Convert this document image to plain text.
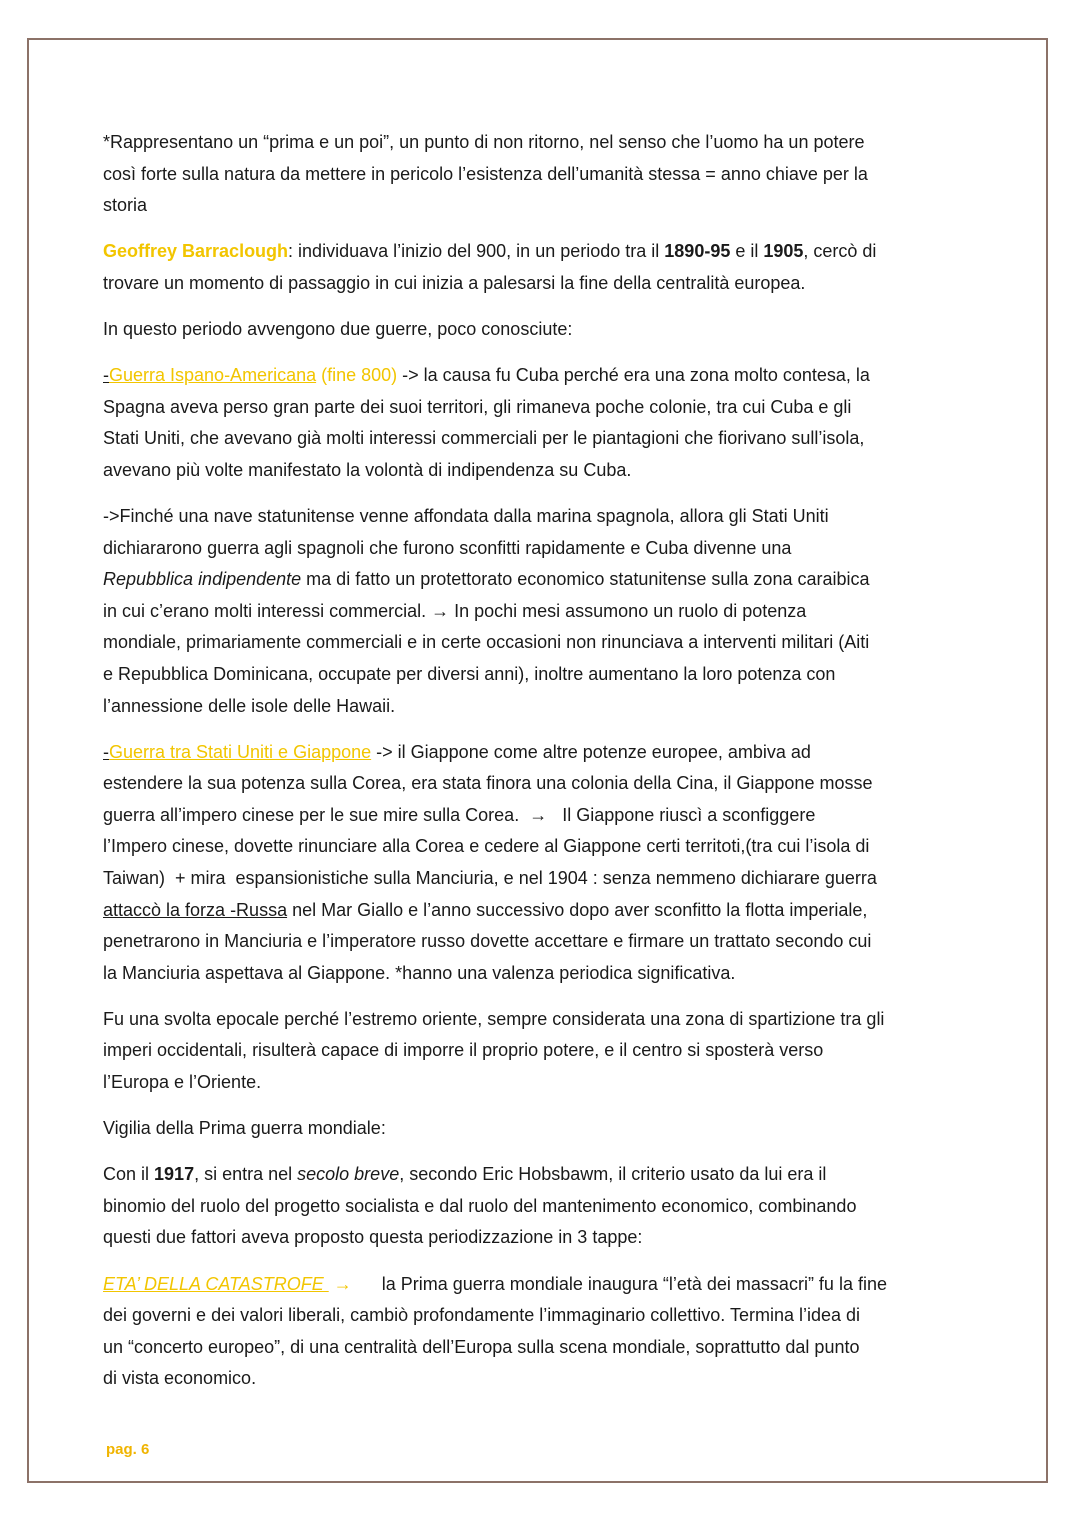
*Rappresentano un “prima e un poi”, un punto di non ritorno, nel senso che l’uomo ha un potere
così forte sulla natura da mettere in pericolo l’esistenza dell’umanità stessa = anno chiave per la
storia
Geoffrey Barraclough: individuava l’inizio del 900, in un periodo tra il 1890-95 e il 1905, cercò di
trovare un momento di passaggio in cui inizia a palesarsi la fine della centralità europea.
In questo periodo avvengono due guerre, poco conosciute:
-Guerra Ispano-Americana (fine 800) -> la causa fu Cuba perché era una zona molto contesa, la
Spagna aveva perso gran parte dei suoi territori, gli rimaneva poche colonie, tra cui Cuba e gli
Stati Uniti, che avevano già molti interessi commerciali per le piantagioni che fiorivano sull’isola,
avevano più volte manifestato la volontà di indipendenza su Cuba.
->Finché una nave statunitense venne affondata dalla marina spagnola, allora gli Stati Uniti
dichiararono guerra agli spagnoli che furono sconfitti rapidamente e Cuba divenne una
Repubblica indipendente ma di fatto un protettorato economico statunitense sulla zona caraibica
in cui c’erano molti interessi commercial. → In pochi mesi assumono un ruolo di potenza
mondiale, primariamente commerciali e in certe occasioni non rinunciava a interventi militari (Aiti
e Repubblica Dominicana, occupate per diversi anni), inoltre aumentano la loro potenza con
l’annessione delle isole delle Hawaii.
-Guerra tra Stati Uniti e Giappone -> il Giappone come altre potenze europee, ambiva ad
estendere la sua potenza sulla Corea, era stata finora una colonia della Cina, il Giappone mosse
guerra all’impero cinese per le sue mire sulla Corea.  →   Il Giappone riuscì a sconfiggere
l’Impero cinese, dovette rinunciare alla Corea e cedere al Giappone certi territoti,(tra cui l’isola di
Taiwan)  + mira  espansionistiche sulla Manciuria, e nel 1904 : senza nemmeno dichiarare guerra
attaccò la forza -Russa nel Mar Giallo e l’anno successivo dopo aver sconfitto la flotta imperiale,
penetrarono in Manciuria e l’imperatore russo dovette accettare e firmare un trattato secondo cui
la Manciuria aspettava al Giappone. *hanno una valenza periodica significativa.
Fu una svolta epocale perché l’estremo oriente, sempre considerata una zona di spartizione tra gli
imperi occidentali, risulterà capace di imporre il proprio potere, e il centro si sposterà verso
l’Europa e l’Oriente.
Vigilia della Prima guerra mondiale:
Con il 1917, si entra nel secolo breve, secondo Eric Hobsbawm, il criterio usato da lui era il
binomio del ruolo del progetto socialista e dal ruolo del mantenimento economico, combinando
questi due fattori aveva proposto questa periodizzazione in 3 tappe:
ETA’ DELLA CATASTROFE  →      la Prima guerra mondiale inaugura “l’età dei massacri” fu la fine
dei governi e dei valori liberali, cambiò profondamente l’immaginario collettivo. Termina l’idea di
un “concerto europeo”, di una centralità dell’Europa sulla scena mondiale, soprattutto dal punto
di vista economico.
pag. 6
